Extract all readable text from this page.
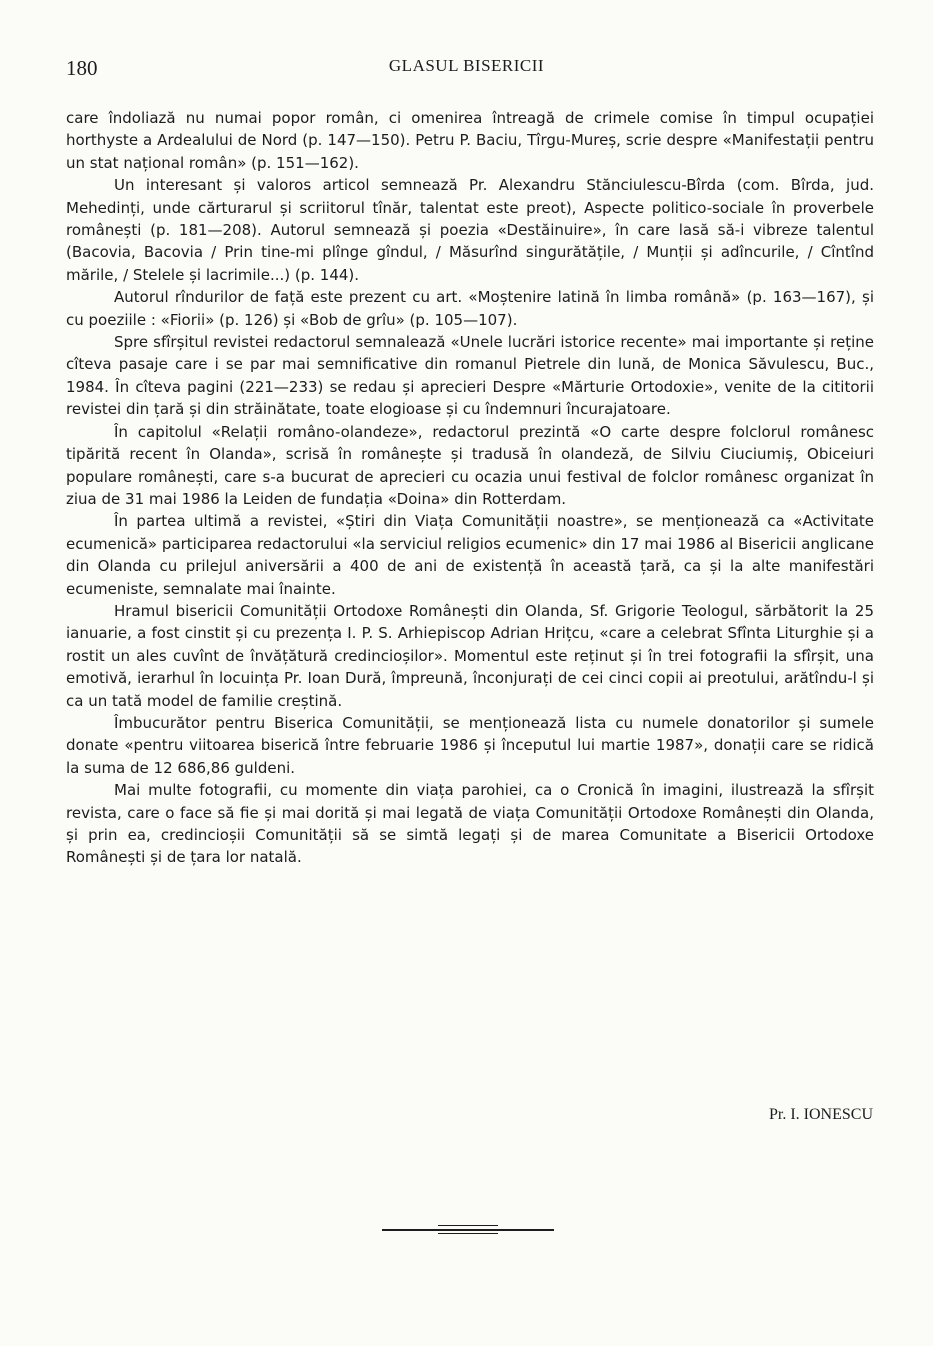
180	GLASUL BISERICII

care îndoliază nu numai popor român, ci omenirea întreagă de crimele comise în timpul ocupației horthyste a Ardealului de Nord (p. 147—150). Petru P. Baciu, Tîrgu-Mureș, scrie despre «Manifestații pentru un stat național român» (p. 151—162).

Un interesant și valoros articol semnează Pr. Alexandru Stănciulescu-Bîrda (com. Bîrda, jud. Mehedinți, unde cărturarul și scriitorul tînăr, talentat este preot), Aspecte politico-sociale în proverbele românești (p. 181—208). Autorul semnează și poezia «Destăinuire», în care lasă să-i vibreze talentul (Bacovia, Bacovia / Prin tine-mi plînge gîndul, / Măsurînd singurătățile, / Munții și adîncurile, / Cîntînd mările, / Stelele și lacrimile...) (p. 144).

Autorul rîndurilor de față este prezent cu art. «Moștenire latină în limba română» (p. 163—167), și cu poeziile : «Fiorii» (p. 126) și «Bob de grîu» (p. 105—107).

Spre sfîrșitul revistei redactorul semnalează «Unele lucrări istorice recente» mai importante și reține cîteva pasaje care i se par mai semnificative din romanul Pietrele din lună, de Monica Săvulescu, Buc., 1984. În cîteva pagini (221—233) se redau și aprecieri Despre «Mărturie Ortodoxie», venite de la cititorii revistei din țară și din străinătate, toate elogioase și cu îndemnuri încurajatoare.

În capitolul «Relații româno-olandeze», redactorul prezintă «O carte despre folclorul românesc tipărită recent în Olanda», scrisă în românește și tradusă în olandeză, de Silviu Ciuciumiș, Obiceiuri populare românești, care s-a bucurat de aprecieri cu ocazia unui festival de folclor românesc organizat în ziua de 31 mai 1986 la Leiden de fundația «Doina» din Rotterdam.

În partea ultimă a revistei, «Știri din Viața Comunității noastre», se menționează ca «Activitate ecumenică» participarea redactorului «la serviciul religios ecumenic» din 17 mai 1986 al Bisericii anglicane din Olanda cu prilejul aniversării a 400 de ani de existență în această țară, ca și la alte manifestări ecumeniste, semnalate mai înainte.

Hramul bisericii Comunității Ortodoxe Românești din Olanda, Sf. Grigorie Teologul, sărbătorit la 25 ianuarie, a fost cinstit și cu prezența I. P. S. Arhiepiscop Adrian Hrițcu, «care a celebrat Sfînta Liturghie și a rostit un ales cuvînt de învățătură credincioșilor». Momentul este reținut și în trei fotografii la sfîrșit, una emotivă, ierarhul în locuința Pr. Ioan Dură, împreună, înconjurați de cei cinci copii ai preotului, arătîndu-l și ca un tată model de familie creștină.

Îmbucurător pentru Biserica Comunității, se menționează lista cu numele donatorilor și sumele donate «pentru viitoarea biserică între februarie 1986 și începutul lui martie 1987», donații care se ridică la suma de 12 686,86 guldeni.

Mai multe fotografii, cu momente din viața parohiei, ca o Cronică în imagini, ilustrează la sfîrșit revista, care o face să fie și mai dorită și mai legată de viața Comunității Ortodoxe Românești din Olanda, și prin ea, credincioșii Comunității să se simtă legați și de marea Comunitate a Bisericii Ortodoxe Românești și de țara lor natală.

Pr. I. IONESCU
